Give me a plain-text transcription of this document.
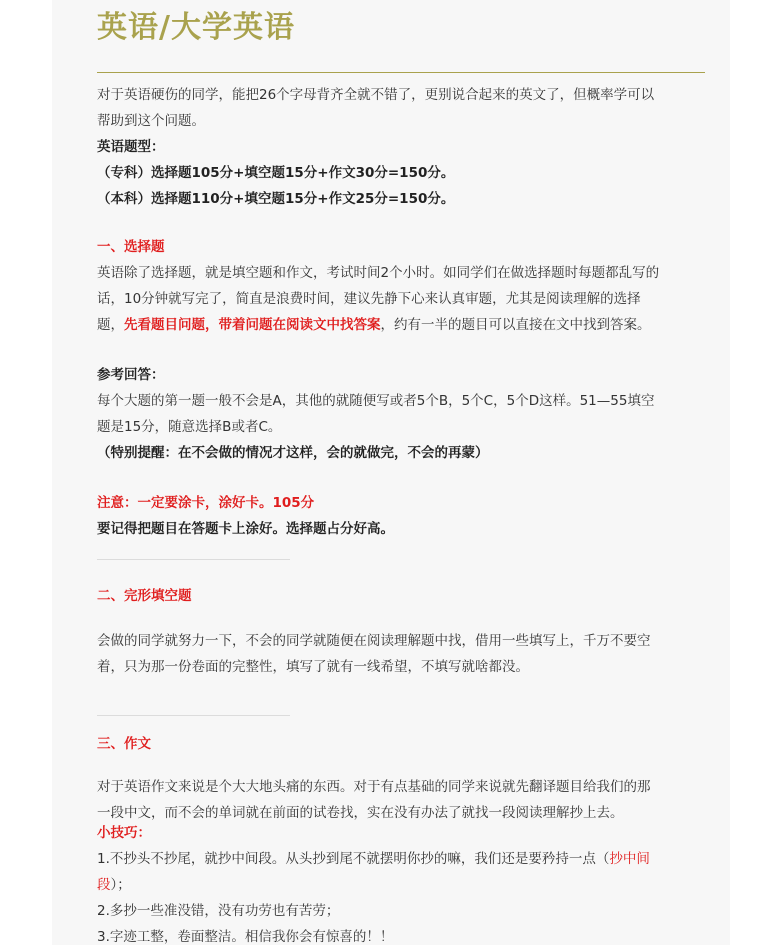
英语/大学英语
对于英语硬伤的同学，能把26个字母背齐全就不错了，更别说合起来的英文了，但概率学可以
帮助到这个问题。
英语题型：
（专科）选择题105分+填空题15分+作文30分=150分。
（本科）选择题110分+填空题15分+作文25分=150分。
一、选择题
英语除了选择题，就是填空题和作文，考试时间2个小时。如同学们在做选择题时每题都乱写的
话，10分钟就写完了，简直是浪费时间，建议先静下心来认真审题，尤其是阅读理解的选择
题，先看题目问题，带着问题在阅读文中找答案，约有一半的题目可以直接在文中找到答案。
参考回答：
每个大题的第一题一般不会是A，其他的就随便写或者5个B，5个C，5个D这样。51—55填空
题是15分，随意选择B或者C。
（特别提醒：在不会做的情况才这样，会的就做完，不会的再蒙）
注意：一定要涂卡，涂好卡。105分
要记得把题目在答题卡上涂好。选择题占分好高。
二、完形填空题
会做的同学就努力一下，不会的同学就随便在阅读理解题中找，借用一些填写上，千万不要空
着，只为那一份卷面的完整性，填写了就有一线希望，不填写就啥都没。
三、作文
对于英语作文来说是个大大地头痛的东西。对于有点基础的同学来说就先翻译题目给我们的那
一段中文，而不会的单词就在前面的试卷找，实在没有办法了就找一段阅读理解抄上去。
小技巧：
1.不抄头不抄尾，就抄中间段。从头抄到尾不就摆明你抄的嘛，我们还是要矜持一点（抄中间
段）；
2.多抄一些准没错，没有功劳也有苦劳；
3.字迹工整，卷面整洁。相信我你会有惊喜的！！
